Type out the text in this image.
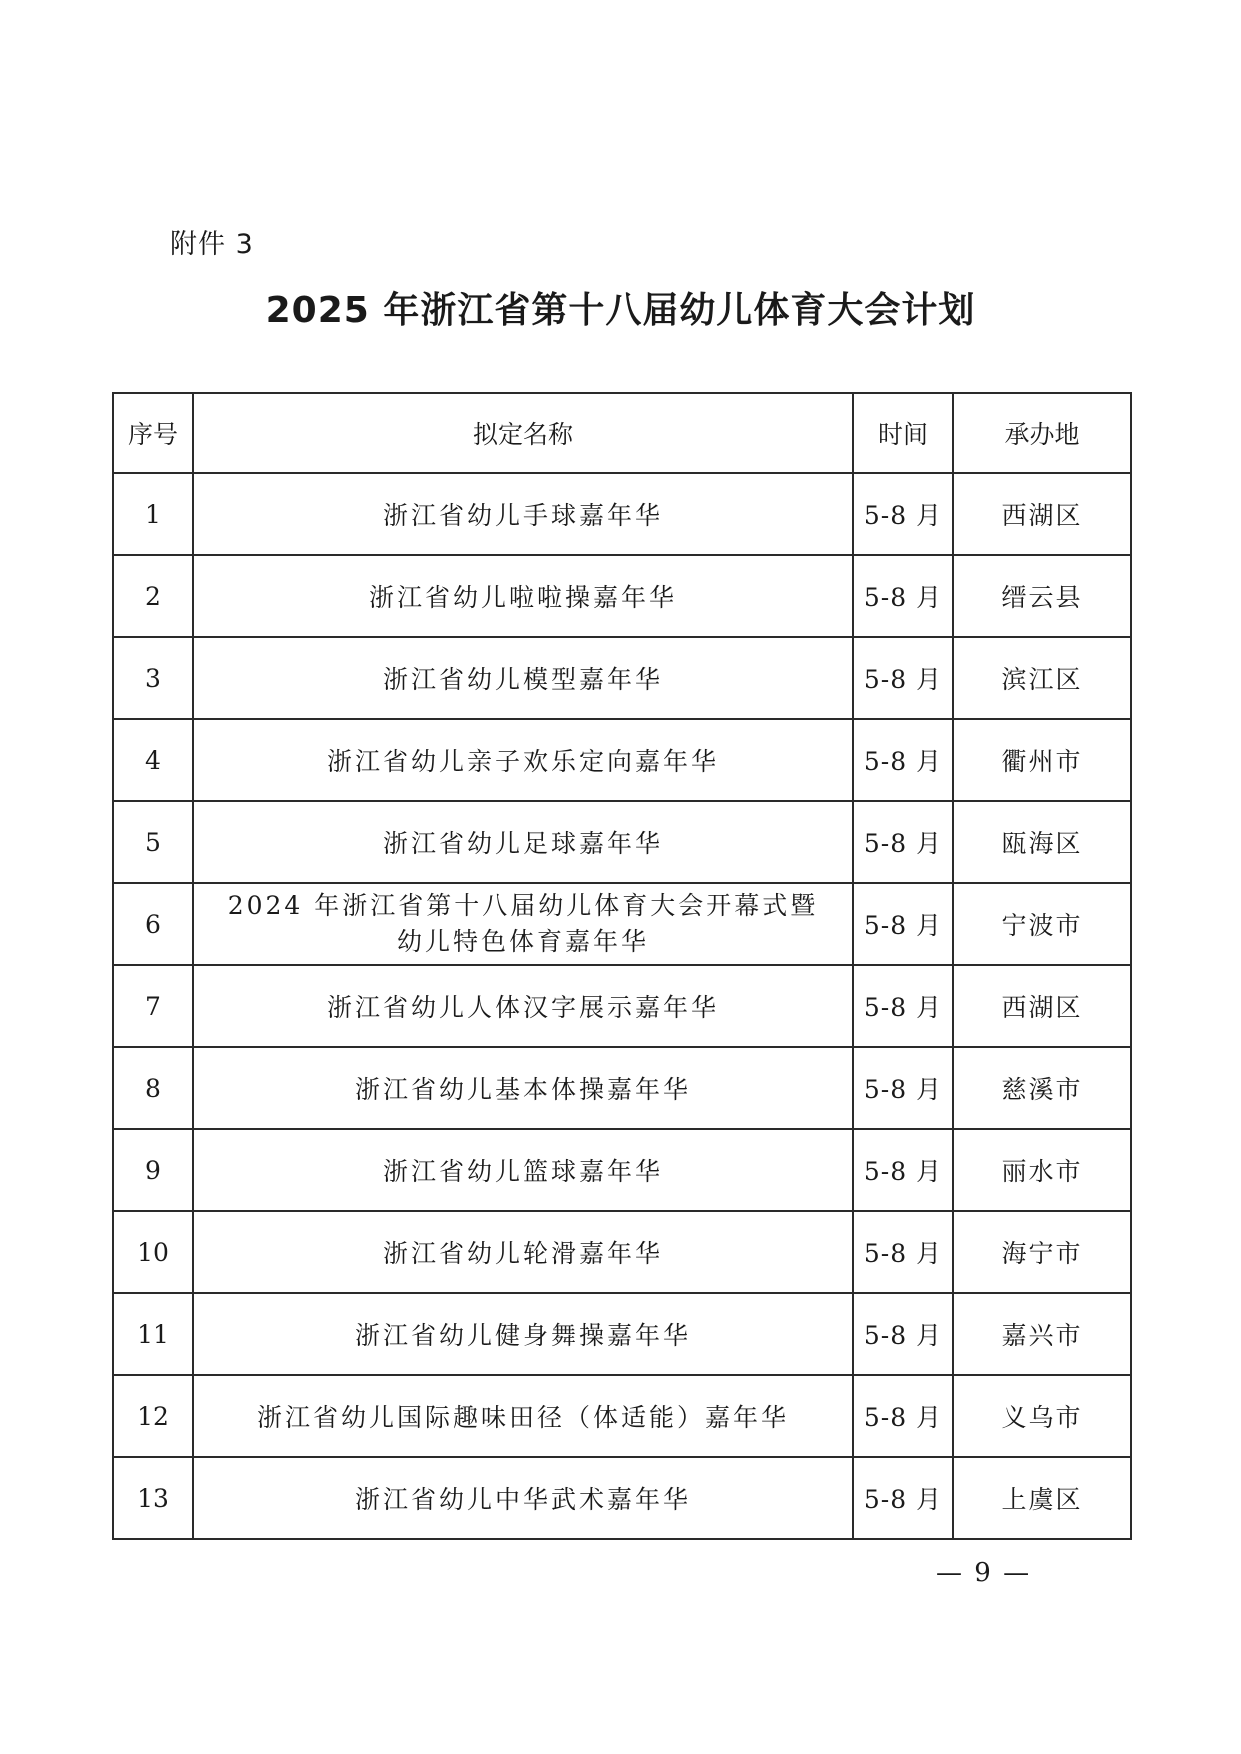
附件 3
2025 年浙江省第十八届幼儿体育大会计划
序号	拟定名称	时间	承办地
1	浙江省幼儿手球嘉年华	5-8 月	西湖区
2	浙江省幼儿啦啦操嘉年华	5-8 月	缙云县
3	浙江省幼儿模型嘉年华	5-8 月	滨江区
4	浙江省幼儿亲子欢乐定向嘉年华	5-8 月	衢州市
5	浙江省幼儿足球嘉年华	5-8 月	瓯海区
6	2024 年浙江省第十八届幼儿体育大会开幕式暨
幼儿特色体育嘉年华	5-8 月	宁波市
7	浙江省幼儿人体汉字展示嘉年华	5-8 月	西湖区
8	浙江省幼儿基本体操嘉年华	5-8 月	慈溪市
9	浙江省幼儿篮球嘉年华	5-8 月	丽水市
10	浙江省幼儿轮滑嘉年华	5-8 月	海宁市
11	浙江省幼儿健身舞操嘉年华	5-8 月	嘉兴市
12	浙江省幼儿国际趣味田径（体适能）嘉年华	5-8 月	义乌市
13	浙江省幼儿中华武术嘉年华	5-8 月	上虞区
— 9 —
